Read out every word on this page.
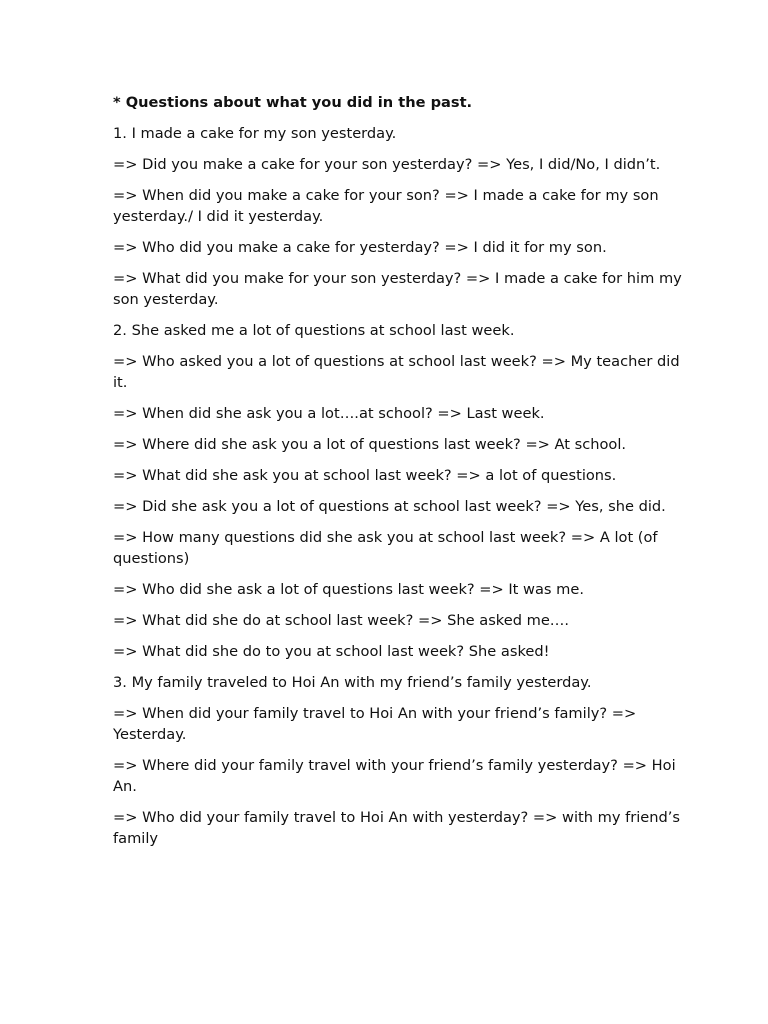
* Questions about what you did in the past.

1. I made a cake for my son yesterday.

=> Did you make a cake for your son yesterday? => Yes, I did/No, I didn’t.

=> When did you make a cake for your son? => I made a cake for my son yesterday./ I did it yesterday.

=> Who did you make a cake for yesterday? => I did it for my son.

=> What did you make for your son yesterday? => I made a cake for him my son yesterday.

2. She asked me a lot of questions at school last week.

=> Who asked you a lot of questions at school last week? => My teacher did it.

=> When did she ask you a lot….at school? => Last week.

=> Where did she ask you a lot of questions last week? => At school.

=> What did she ask you at school last week? => a lot of questions.

=> Did she ask you a lot of questions at school last week? => Yes, she did.

=> How many questions did she ask you at school last week? => A lot (of questions)

=> Who did she ask a lot of questions last week? => It was me.

=> What did she do at school last week? => She asked me….

=> What did she do to you at school last week? She asked!

3. My family traveled to Hoi An with my friend’s family yesterday.

=> When did your family travel to Hoi An with your friend’s family? => Yesterday.

=> Where did your family travel with your friend’s family yesterday? => Hoi An.

=> Who did your family travel to Hoi An with yesterday? => with my friend’s family
